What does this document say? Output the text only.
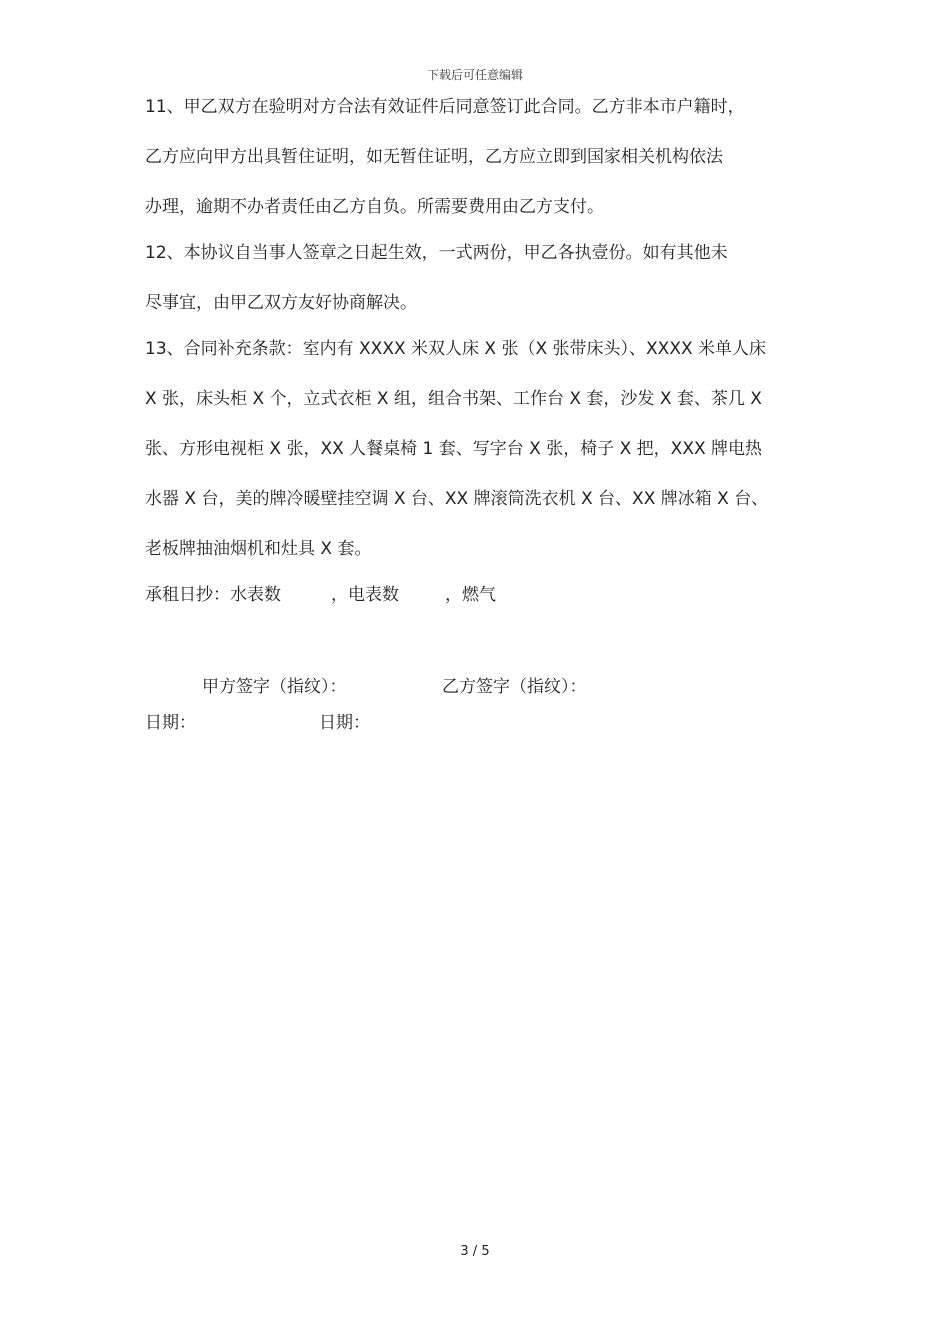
下载后可任意编辑
11、甲乙双方在验明对方合法有效证件后同意签订此合同。乙方非本市户籍时，
乙方应向甲方出具暂住证明，如无暂住证明，乙方应立即到国家相关机构依法
办理，逾期不办者责任由乙方自负。所需要费用由乙方支付。
12、本协议自当事人签章之日起生效，一式两份，甲乙各执壹份。如有其他未
尽事宜，由甲乙双方友好协商解决。
13、合同补充条款：室内有 XXXX 米双人床 X 张（X 张带床头）、XXXX 米单人床
X 张，床头柜 X 个，立式衣柜 X 组，组合书架、工作台 X 套，沙发 X 套、茶几 X
张、方形电视柜 X 张，XX 人餐桌椅 1 套、写字台 X 张，椅子 X 把，XXX 牌电热
水器 X 台，美的牌冷暖壁挂空调 X 台、XX 牌滚筒洗衣机 X 台、XX 牌冰箱 X 台、
老板牌抽油烟机和灶具 X 套。
承租日抄：水表数	，电表数	，燃气
甲方签字（指纹）：	乙方签字（指纹）：
日期：	日期：
3 / 5
